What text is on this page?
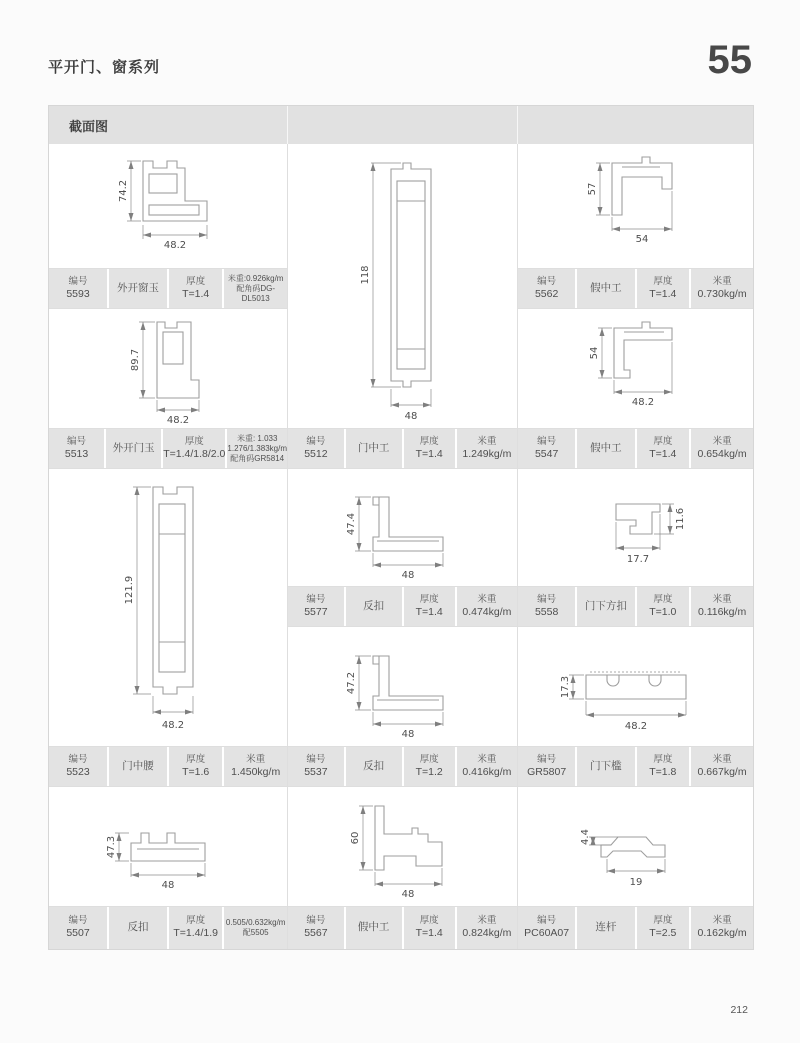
平开门、窗系列	55
截面图
74.2
48.2
编号
5593
外开窗玉
厚度
T=1.4
米重:0.926kg/m
配角码DG-DL5013
89.7
48.2
编号
5513
外开门玉
厚度
T=1.4/1.8/2.0
米重: 1.033
1.276/1.383kg/m
配角码GR5814
121.9
48.2
编号
5523
门中腰
厚度
T=1.6
米重
1.450kg/m
47.3
48
编号
5507
反扣
厚度
T=1.4/1.9
0.505/0.632kg/m
配5505
118
48
编号
5512
门中工
厚度
T=1.4
米重
1.249kg/m
47.4
48
编号
5577
反扣
厚度
T=1.4
米重
0.474kg/m
47.2
48
编号
5537
反扣
厚度
T=1.2
米重
0.416kg/m
60
48
编号
5567
假中工
厚度
T=1.4
米重
0.824kg/m
57
54
编号
5562
假中工
厚度
T=1.4
米重
0.730kg/m
54
48.2
编号
5547
假中工
厚度
T=1.4
米重
0.654kg/m
11.6
17.7
编号
5558
门下方扣
厚度
T=1.0
米重
0.116kg/m
17.3
48.2
编号
GR5807
门下槛
厚度
T=1.8
米重
0.667kg/m
4.4
19
编号
PC60A07
连杆
厚度
T=2.5
米重
0.162kg/m
212
